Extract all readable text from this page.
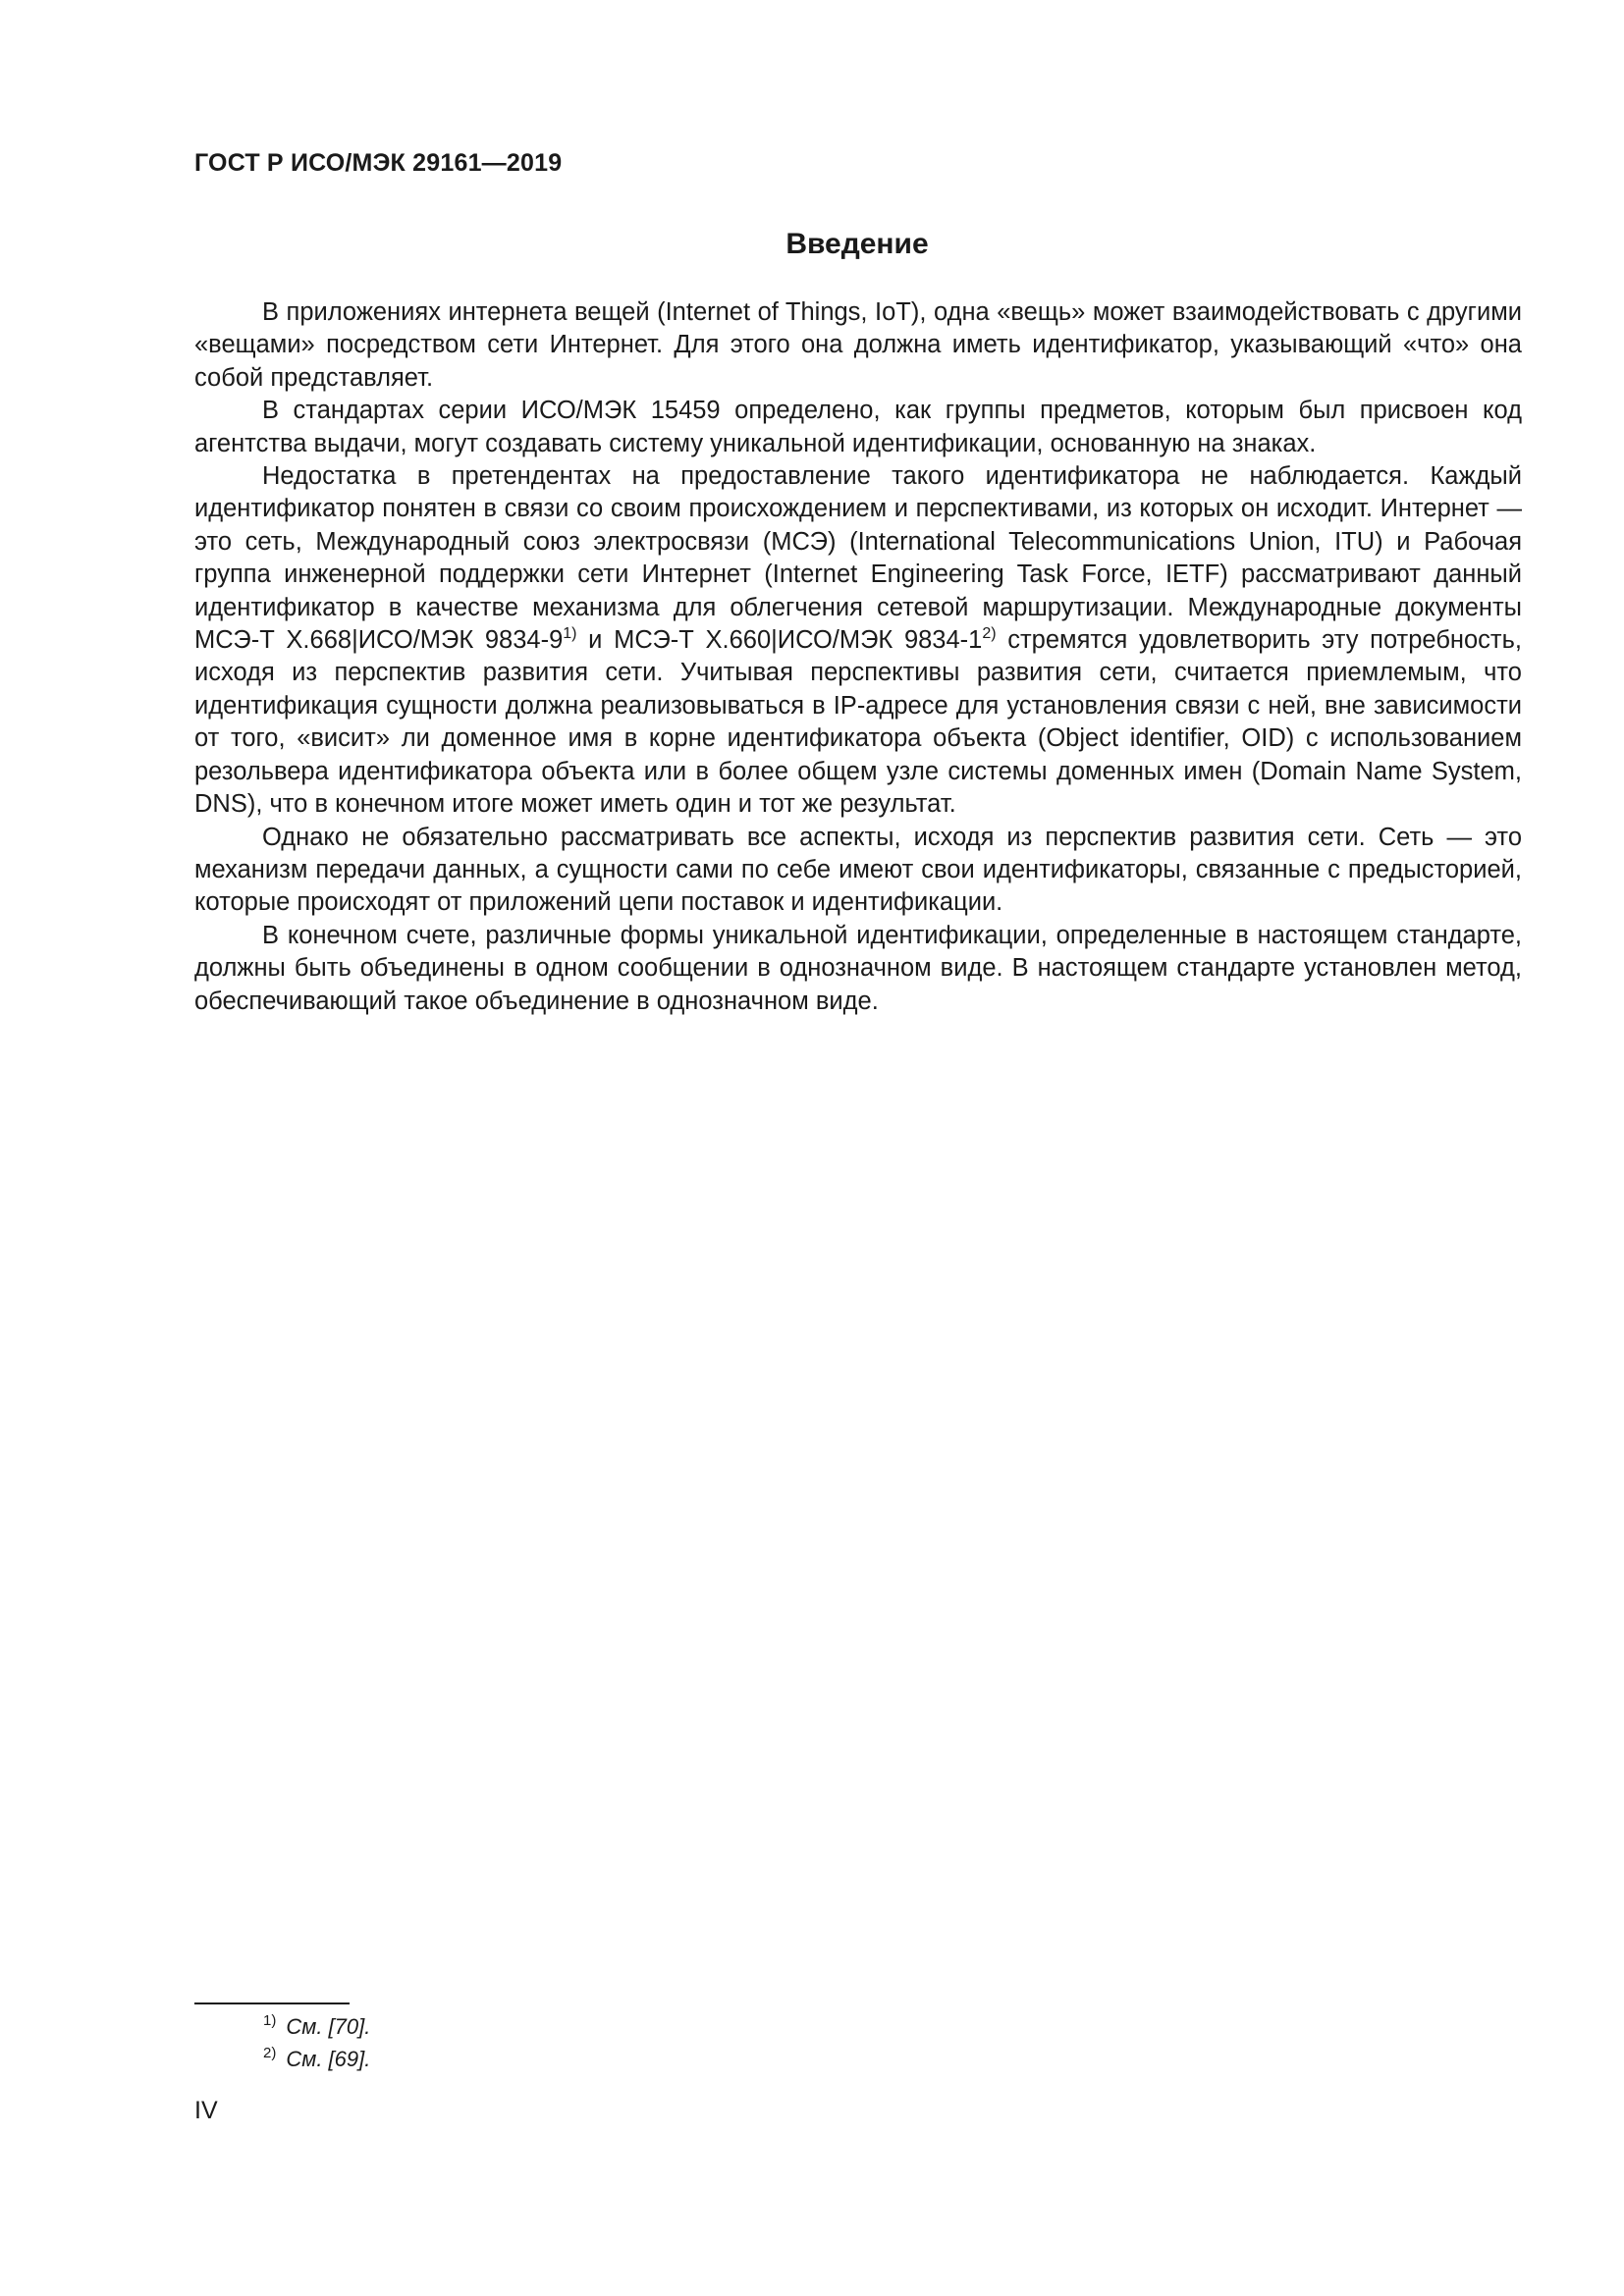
ГОСТ Р ИСО/МЭК 29161—2019
Введение

В приложениях интернета вещей (Internet of Things, IoT), одна «вещь» может взаимодействовать с другими «вещами» посредством сети Интернет. Для этого она должна иметь идентификатор, указывающий «что» она собой представляет.

В стандартах серии ИСО/МЭК 15459 определено, как группы предметов, которым был присвоен код агентства выдачи, могут создавать систему уникальной идентификации, основанную на знаках.

Недостатка в претендентах на предоставление такого идентификатора не наблюдается. Каждый идентификатор понятен в связи со своим происхождением и перспективами, из которых он исходит. Интернет — это сеть, Международный союз электросвязи (МСЭ) (International Telecommunications Union, ITU) и Рабочая группа инженерной поддержки сети Интернет (Internet Engineering Task Force, IETF) рассматривают данный идентификатор в качестве механизма для облегчения сетевой маршрутизации. Международные документы МСЭ-Т X.668|ИСО/МЭК 9834-9$^{1)}$ и МСЭ-Т X.660|ИСО/МЭК 9834-1$^{2)}$ стремятся удовлетворить эту потребность, исходя из перспектив развития сети. Учитывая перспективы развития сети, считается приемлемым, что идентификация сущности должна реализовываться в IP-адресе для установления связи с ней, вне зависимости от того, «висит» ли доменное имя в корне идентификатора объекта (Object identifier, OID) с использованием резольвера идентификатора объекта или в более общем узле системы доменных имен (Domain Name System, DNS), что в конечном итоге может иметь один и тот же результат.

Однако не обязательно рассматривать все аспекты, исходя из перспектив развития сети. Сеть — это механизм передачи данных, а сущности сами по себе имеют свои идентификаторы, связанные с предысторией, которые происходят от приложений цепи поставок и идентификации.

В конечном счете, различные формы уникальной идентификации, определенные в настоящем стандарте, должны быть объединены в одном сообщении в однозначном виде. В настоящем стандарте установлен метод, обеспечивающий такое объединение в однозначном виде.

$^{1)}$ См. [70].
$^{2)}$ См. [69].
IV
